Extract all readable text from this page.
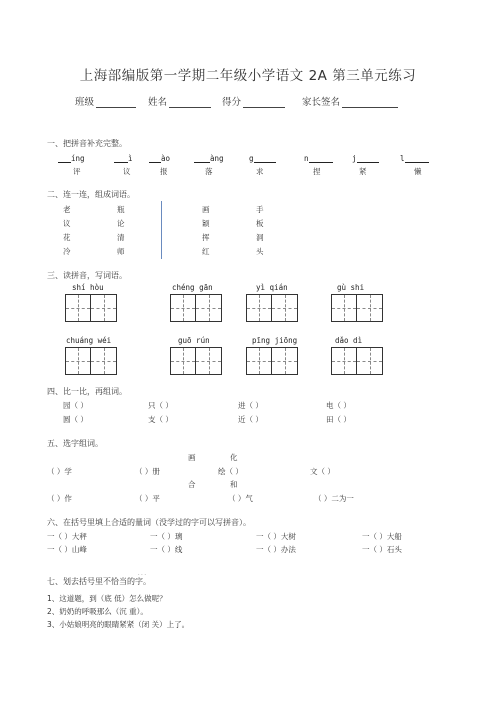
上海部编版第一学期二年级小学语文 2A 第三单元练习
班级	姓名	得分	家长签名
一、把拼音补充完整。
íng	ì	ào	àng	g	n	j	l
评	议	报	落	求	捏	紧	懒
二、连一连，组成词语。
老	瓶
议	论
花	清
冷	师
画	手
颖	板
挥	洞
红	头
三、读拼音，写词语。
shí hòu	chéng gān	yì qián	gù shi
chuáng wéi	guō rún	pīng jiōng	dǎo dì
四、比一比，再组词。
园（ ）	只（ ）	进（ ）	电（ ）
圆（ ）	支（ ）	近（ ）	田（ ）
五、选字组词。
画	化
（ ）学	（ ）册	绘（ ）	文（ ）
合	和
（ ）作	（ ）平	（ ）气	（ ）二为一
六、在括号里填上合适的量词（没学过的字可以写拼音）。
一（ ）大秤	一（ ）璃	一（ ）大树	一（ ）大船
一（ ）山峰	一（ ）线	一（ ）办法	一（ ）石头
· · ·
七、划去括号里不恰当的字。
1、这道题，到（底 低）怎么做呢？
2、奶奶的呼吸那么（沉 重）。
3、小姑娘明亮的眼睛紧紧（闭 关）上了。
